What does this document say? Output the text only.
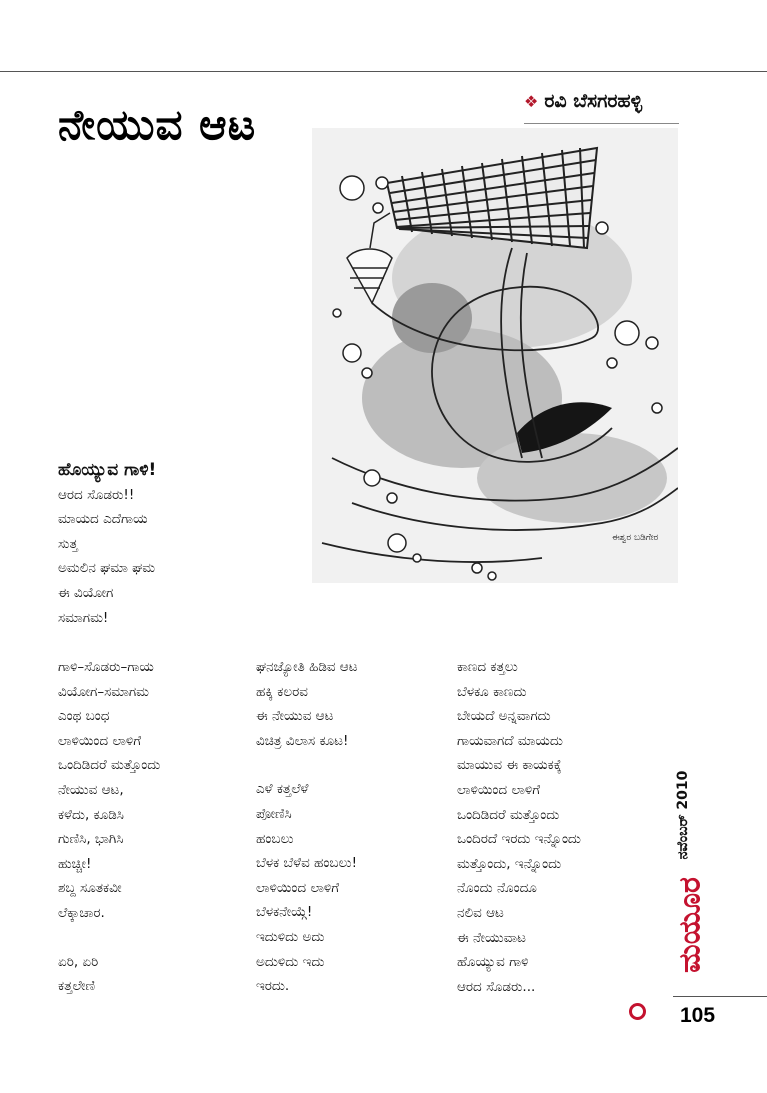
ನೇಯುವ ಆಟ	❖ ರವಿ ಬೆಸಗರಹಳ್ಳಿ
ಈಶ್ವರ ಬಡಿಗೇರ
ಹೊಯ್ಯುವ ಗಾಳಿ!
ಆರದ ಸೊಡರು!!
ಮಾಯದ ಎದೆಗಾಯ
ಸುತ್ತ
ಅಮಲಿನ ಘಮಾ ಘಮ
ಈ ವಿಯೋಗ
ಸಮಾಗಮ!
ಗಾಳಿ–ಸೊಡರು–ಗಾಯ
ವಿಯೋಗ–ಸಮಾಗಮ
ಎಂಥ ಬಂಧ
ಲಾಳಿಯಿಂದ ಲಾಳಿಗೆ
ಒಂದಿಡಿದರೆ ಮತ್ತೊಂದು
ನೇಯುವ ಆಟ,
ಕಳೆದು, ಕೂಡಿಸಿ
ಗುಣಿಸಿ, ಭಾಗಿಸಿ
ಹುಚ್ಚೀ!
ಶಬ್ದ ಸೂತಕವೀ
ಲೆಕ್ಕಾಚಾರ.
ಏರಿ, ಏರಿ
ಕತ್ತಲೇಣಿ
ಘನಜ್ಯೋತಿ ಹಿಡಿವ ಆಟ
ಹಕ್ಕಿ ಕಲರವ
ಈ ನೇಯುವ ಆಟ
ವಿಚಿತ್ರ ವಿಲಾಸ ಕೂಟ!
ಎಳೆ ಕತ್ತಲೆಳೆ
ಪೋಣಿಸಿ
ಹಂಬಲು
ಬೆಳಕ ಬೆಳೆವ ಹಂಬಲು!
ಲಾಳಿಯಿಂದ ಲಾಳಿಗೆ
ಬೆಳಕನೇಯ್ಗೆ!
ಇದುಳಿದು ಅದು
ಅದುಳಿದು ಇದು
ಇರದು.
ಕಾಣದ ಕತ್ತಲು
ಬೆಳಕೂ ಕಾಣದು
ಬೇಯದೆ ಅನ್ನವಾಗದು
ಗಾಯವಾಗದೆ ಮಾಯದು
ಮಾಯುವ ಈ ಕಾಯಕಕ್ಕೆ
ಲಾಳಿಯಿಂದ ಲಾಳಿಗೆ
ಒಂದಿಡಿದರೆ ಮತ್ತೊಂದು
ಒಂದಿರದೆ ಇರದು ಇನ್ನೊಂದು
ಮತ್ತೊಂದು, ಇನ್ನೊಂದು
ನೊಂದು ನೊಂದೂ
ನಲಿವ ಆಟ
ಈ ನೇಯುವಾಟ
ಹೊಯ್ಯುವ ಗಾಳಿ
ಆರದ ಸೊಡರು...
ನವೆಂಬರ್ 2010
ಮಯೂರ
105
